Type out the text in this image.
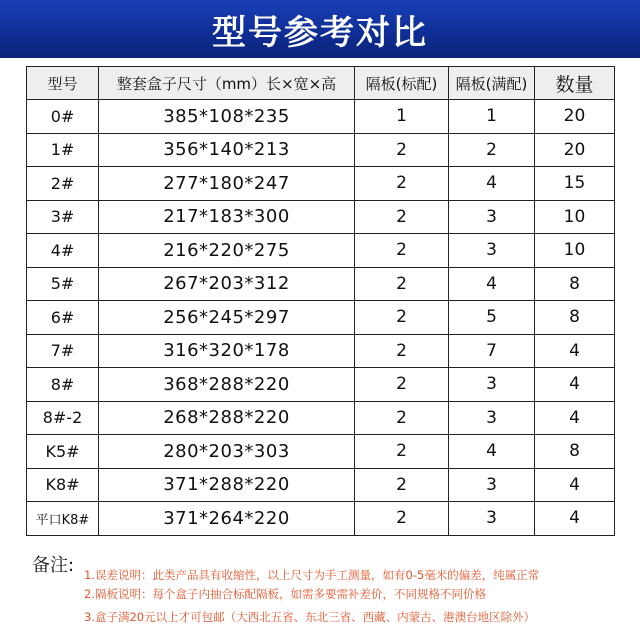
型号参考对比
型号	整套盒子尺寸（mm）长×宽×高	隔板(标配)	隔板(满配)	数量
0#	385*108*235	1	1	20
1#	356*140*213	2	2	20
2#	277*180*247	2	4	15
3#	217*183*300	2	3	10
4#	216*220*275	2	3	10
5#	267*203*312	2	4	8
6#	256*245*297	2	5	8
7#	316*320*178	2	7	4
8#	368*288*220	2	3	4
8#-2	268*288*220	2	3	4
K5#	280*203*303	2	4	8
K8#	371*288*220	2	3	4
平口K8#	371*264*220	2	3	4
备注: 1.误差说明：此类产品具有收缩性，以上尺寸为手工测量，如有0-5毫米的偏差，纯属正常
2.隔板说明：每个盒子内抽合标配隔板，如需多要需补差价，不同规格不同价格
3.盒子满20元以上才可包邮（大西北五省、东北三省、西藏、内蒙古、港澳台地区除外）
